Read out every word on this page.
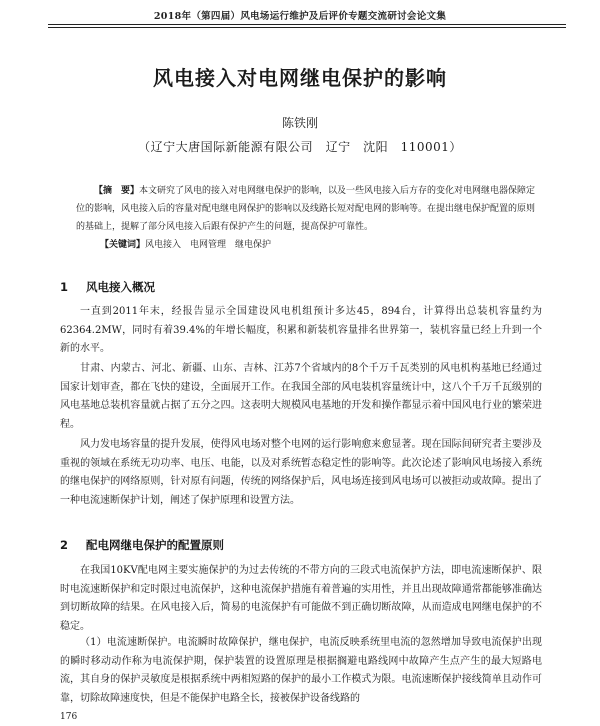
2018年（第四届）风电场运行维护及后评价专题交流研讨会论文集
风电接入对电网继电保护的影响
陈铁刚
（辽宁大唐国际新能源有限公司　辽宁　沈阳　110001）
【摘　要】本文研究了风电的接入对电网继电保护的影响，以及一些风电接入后方存的变化对电网继电器保障定位的影响，风电接入后的容量对配电继电网保护的影响以及线路长短对配电网的影响等。在提出继电保护配置的原则的基础上，提解了部分风电接入后跟有保护产生的问题，提高保护可靠性。
【关键词】风电接入　电网管理　继电保护
1 风电接入概况

一直到2011年末，经报告显示全国建设风电机组预计多达45，894台，计算得出总装机容量约为62364.2MW，同时有着39.4%的年增长幅度，积累和新装机容量排名世界第一，装机容量已经上升到一个新的水平。

甘肃、内蒙古、河北、新疆、山东、吉林、江苏7个省域内的8个千万千瓦类别的风电机构基地已经通过国家计划审查，都在飞快的建设，全面展开工作。在我国全部的风电装机容量统计中，这八个千万千瓦级别的风电基地总装机容量就占据了五分之四。这表明大规模风电基地的开发和操作都显示着中国风电行业的繁荣进程。

风力发电场容量的提升发展，使得风电场对整个电网的运行影响愈来愈显著。现在国际间研究者主要涉及重视的领域在系统无功功率、电压、电能，以及对系统暂态稳定性的影响等。此次论述了影响风电场接入系统的继电保护的网络原则，针对原有问题，传统的网络保护后，风电场连接到风电场可以被拒动或故障。提出了一种电流速断保护计划，阐述了保护原理和设置方法。

2 配电网继电保护的配置原则

在我国10KV配电网主要实施保护的为过去传统的不带方向的三段式电流保护方法，即电流速断保护、限时电流速断保护和定时限过电流保护，这种电流保护措施有着普遍的实用性，并且出现故障通常都能够准确达到切断故障的结果。在风电接入后，简易的电流保护有可能做不到正确切断故障，从而造成电网继电保护的不稳定。

（1）电流速断保护。电流瞬时故障保护，继电保护，电流反映系统里电流的忽然增加导致电流保护出现的瞬时移动动作称为电流保护期，保护装置的设置原理是根据搁避电路线网中故障产生点产生的最大短路电流，其自身的保护灵敏度是根据系统中两相短路的保护的最小工作模式为限。电流速断保护接线简单且动作可靠，切除故障速度快，但是不能保护电路全长，接被保护设备线路的

176
